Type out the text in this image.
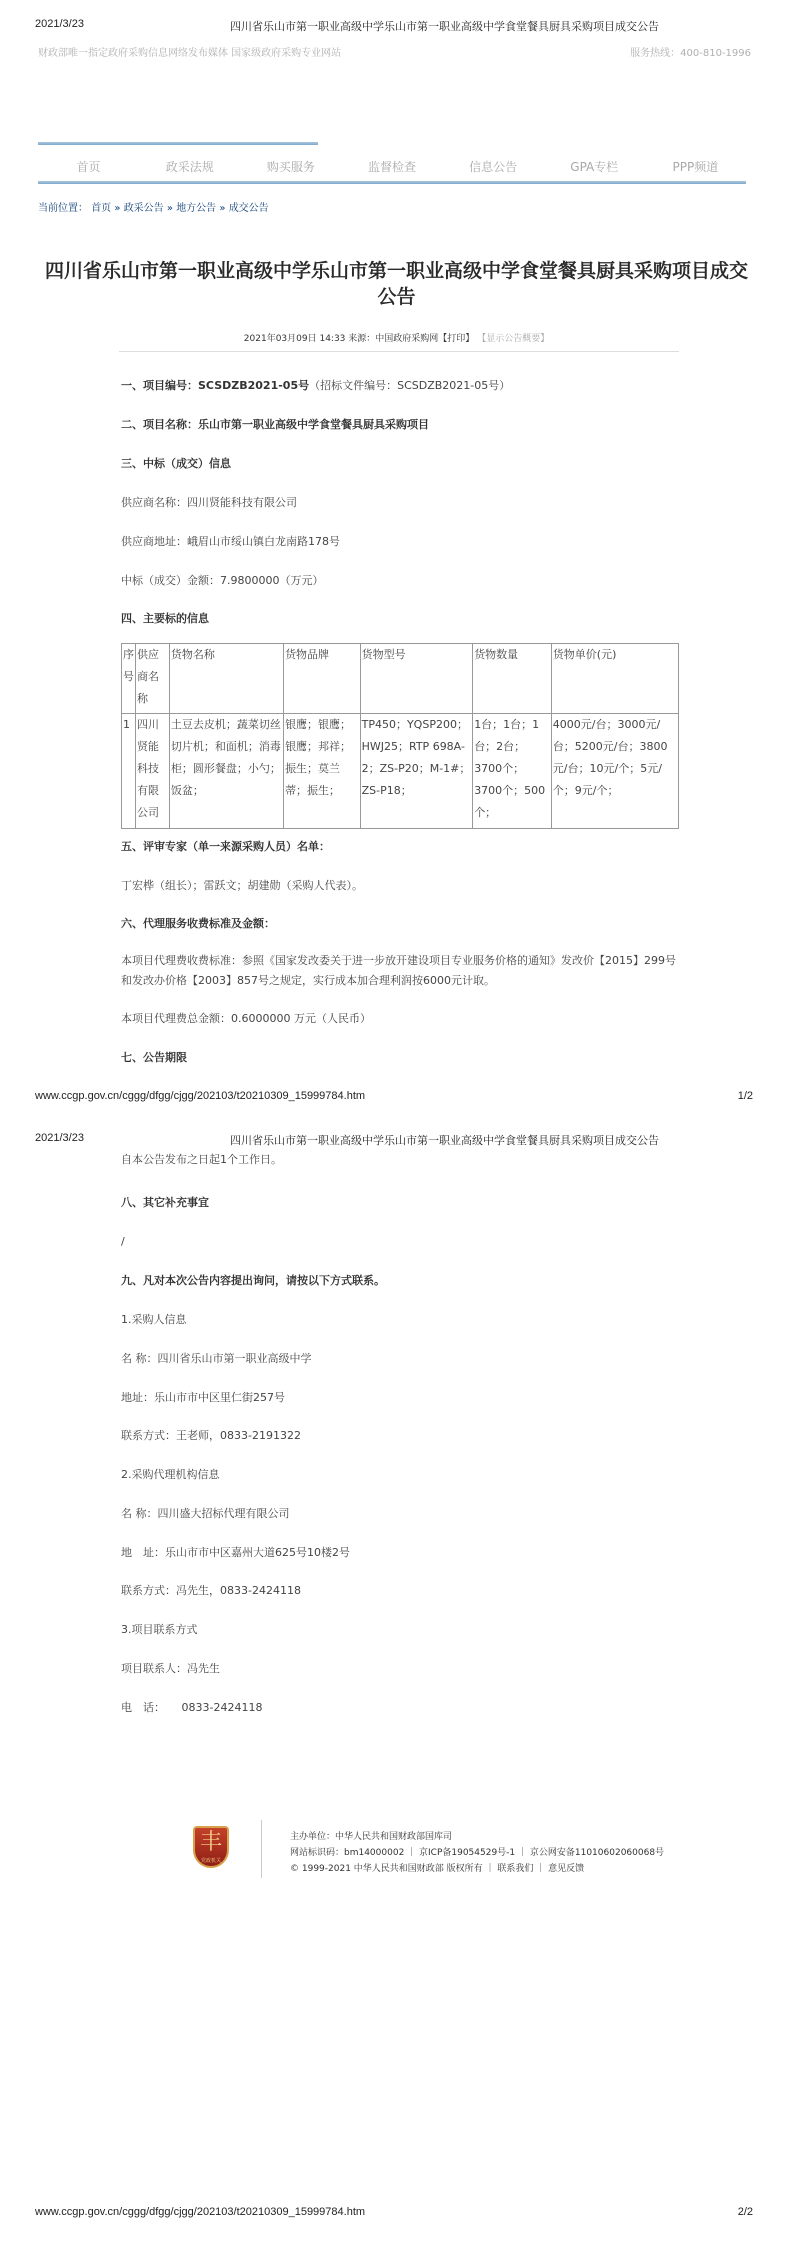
2021/3/23	四川省乐山市第一职业高级中学乐山市第一职业高级中学食堂餐具厨具采购项目成交公告
财政部唯一指定政府采购信息网络发布媒体 国家级政府采购专业网站	服务热线：400-810-1996
首页	政采法规	购买服务	监督检查	信息公告	GPA专栏	PPP频道
当前位置： 首页 » 政采公告 » 地方公告 » 成交公告
四川省乐山市第一职业高级中学乐山市第一职业高级中学食堂餐具厨具采购项目成交公告
2021年03月09日 14:33 来源：中国政府采购网【打印】 【显示公告概要】
一、项目编号：SCSDZB2021-05号（招标文件编号：SCSDZB2021-05号）
二、项目名称：乐山市第一职业高级中学食堂餐具厨具采购项目
三、中标（成交）信息
供应商名称：四川贤能科技有限公司
供应商地址：峨眉山市绥山镇白龙南路178号
中标（成交）金额：7.9800000（万元）
四、主要标的信息
序号	供应商名称	货物名称	货物品牌	货物型号	货物数量	货物单价(元)
1	四川贤能科技有限公司	土豆去皮机；蔬菜切丝切片机；和面机；消毒柜；圆形餐盘；小勺；饭盆；	银鹰；银鹰；银鹰；邦祥；振生；莫兰蒂；振生；	TP450；YQSP200；HWJ25；RTP 698A-2；ZS-P20；M-1#；ZS-P18；	1台；1台；1台；2台；3700个；3700个；500个；	4000元/台；3000元/台；5200元/台；3800元/台；10元/个；5元/个；9元/个；
五、评审专家（单一来源采购人员）名单：
丁宏桦（组长）；雷跃文；胡建勋（采购人代表）。
六、代理服务收费标准及金额：
本项目代理费收费标准：参照《国家发改委关于进一步放开建设项目专业服务价格的通知》发改价【2015】299号和发改办价格【2003】857号之规定，实行成本加合理利润按6000元计取。
本项目代理费总金额：0.6000000 万元（人民币）
七、公告期限
www.ccgp.gov.cn/cggg/dfgg/cjgg/202103/t20210309_15999784.htm	1/2
2021/3/23	四川省乐山市第一职业高级中学乐山市第一职业高级中学食堂餐具厨具采购项目成交公告
自本公告发布之日起1个工作日。
八、其它补充事宜
/
九、凡对本次公告内容提出询问，请按以下方式联系。
1.采购人信息
名 称：四川省乐山市第一职业高级中学
地址：乐山市市中区里仁街257号
联系方式：王老师，0833-2191322
2.采购代理机构信息
名 称：四川盛大招标代理有限公司
地　址：乐山市市中区嘉州大道625号10楼2号
联系方式：冯先生，0833-2424118
3.项目联系方式
项目联系人：冯先生
电　话：　　0833-2424118
丰
党政机关
主办单位：中华人民共和国财政部国库司
网站标识码：bm14000002 ｜ 京ICP备19054529号-1 ｜ 京公网安备11010602060068号
© 1999-2021 中华人民共和国财政部 版权所有 ｜ 联系我们 ｜ 意见反馈
www.ccgp.gov.cn/cggg/dfgg/cjgg/202103/t20210309_15999784.htm	2/2
